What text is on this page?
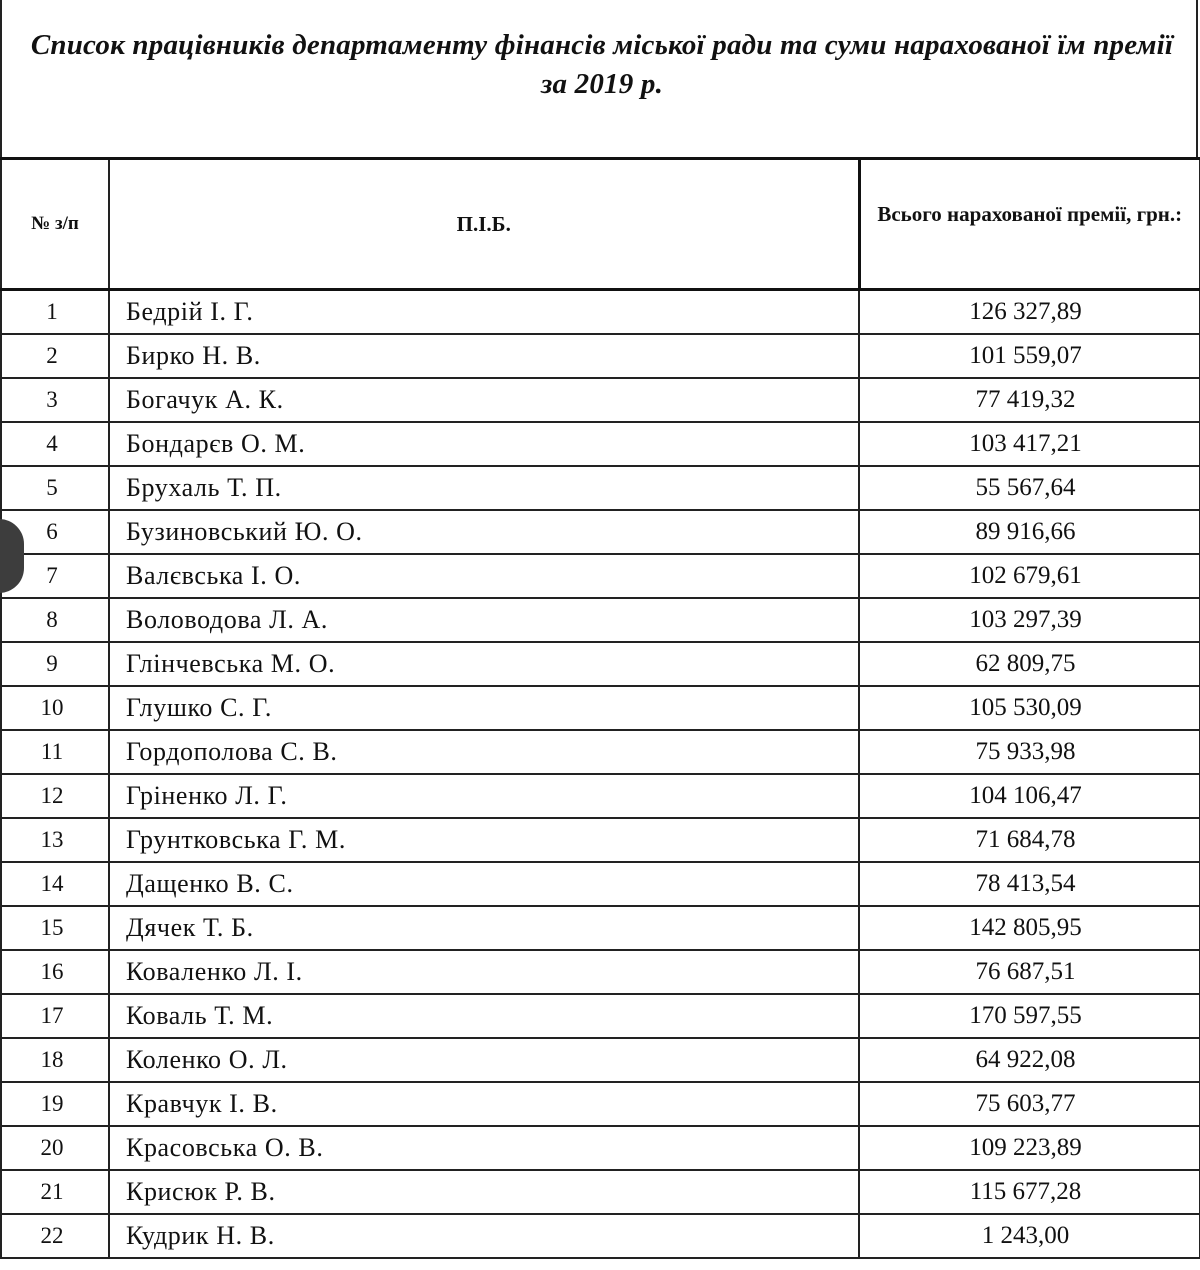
Список працівників департаменту фінансів міської ради та суми нарахованої їм премії за 2019 р.
№ з/п	П.І.Б.	Всього нарахованої премії, грн.:
1	Бедрій І. Г.	126 327,89
2	Бирко Н. В.	101 559,07
3	Богачук А. К.	77 419,32
4	Бондарєв О. М.	103 417,21
5	Брухаль Т. П.	55 567,64
6	Бузиновський Ю. О.	89 916,66
7	Валєвська І. О.	102 679,61
8	Воловодова Л. А.	103 297,39
9	Глінчевська М. О.	62 809,75
10	Глушко С. Г.	105 530,09
11	Гордополова С. В.	75 933,98
12	Гріненко Л. Г.	104 106,47
13	Грунтковська Г. М.	71 684,78
14	Дащенко В. С.	78 413,54
15	Дячек Т. Б.	142 805,95
16	Коваленко Л. І.	76 687,51
17	Коваль Т. М.	170 597,55
18	Коленко О. Л.	64 922,08
19	Кравчук І. В.	75 603,77
20	Красовська О. В.	109 223,89
21	Крисюк Р. В.	115 677,28
22	Кудрик Н. В.	1 243,00
